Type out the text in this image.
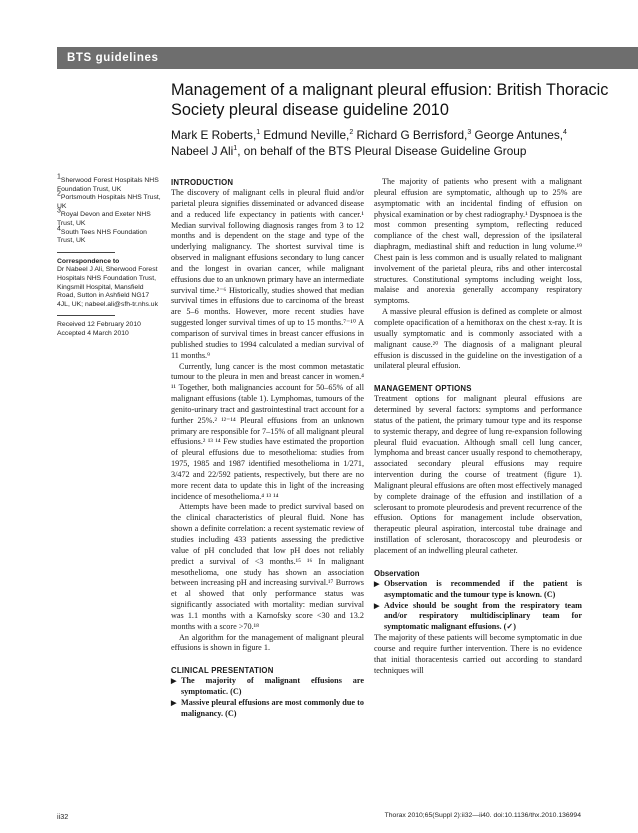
BTS guidelines
Management of a malignant pleural effusion: British Thoracic Society pleural disease guideline 2010
Mark E Roberts,$^1$ Edmund Neville,$^2$ Richard G Berrisford,$^3$ George Antunes,$^4$
Nabeel J Ali$^1$, on behalf of the BTS Pleural Disease Guideline Group

$^1$Sherwood Forest Hospitals NHS Foundation Trust, UK

$^2$Portsmouth Hospitals NHS Trust, UK

$^3$Royal Devon and Exeter NHS Trust, UK

$^4$South Tees NHS Foundation Trust, UK

Correspondence to

Dr Nabeel J Ali, Sherwood Forest Hospitals NHS Foundation Trust, Kingsmill Hospital, Mansfield Road, Sutton in Ashfield NG17 4JL, UK; nabeel.ali@sfh-tr.nhs.uk

Received 12 February 2010

Accepted 4 March 2010

INTRODUCTION

The discovery of malignant cells in pleural fluid and/or parietal pleura signifies disseminated or advanced disease and a reduced life expectancy in patients with cancer.¹ Median survival following diagnosis ranges from 3 to 12 months and is dependent on the stage and type of the underlying malignancy. The shortest survival time is observed in malignant effusions secondary to lung cancer and the longest in ovarian cancer, while malignant effusions due to an unknown primary have an intermediate survival time.²⁻⁶ Historically, studies showed that median survival times in effusions due to carcinoma of the breast are 5–6 months. However, more recent studies have suggested longer survival times of up to 15 months.⁷⁻¹⁰ A comparison of survival times in breast cancer effusions in published studies to 1994 calculated a median survival of 11 months.⁹

Currently, lung cancer is the most common metastatic tumour to the pleura in men and breast cancer in women.⁴ ¹¹ Together, both malignancies account for 50–65% of all malignant effusions (table 1). Lymphomas, tumours of the genito-urinary tract and gastrointestinal tract account for a further 25%.² ¹²⁻¹⁴ Pleural effusions from an unknown primary are responsible for 7–15% of all malignant pleural effusions.² ¹³ ¹⁴ Few studies have estimated the proportion of pleural effusions due to mesothelioma: studies from 1975, 1985 and 1987 identified mesothelioma in 1/271, 3/472 and 22/592 patients, respectively, but there are no more recent data to update this in light of the increasing incidence of mesothelioma.⁴ ¹³ ¹⁴

Attempts have been made to predict survival based on the clinical characteristics of pleural fluid. None has shown a definite correlation: a recent systematic review of studies including 433 patients assessing the predictive value of pH concluded that low pH does not reliably predict a survival of <3 months.¹⁵ ¹⁶ In malignant mesothelioma, one study has shown an association between increasing pH and increasing survival.¹⁷ Burrows et al showed that only performance status was significantly associated with mortality: median survival was 1.1 months with a Karnofsky score <30 and 13.2 months with a score >70.¹⁸

An algorithm for the management of malignant pleural effusions is shown in figure 1.

CLINICAL PRESENTATION

▶ The majority of malignant effusions are symptomatic. (C)

▶ Massive pleural effusions are most commonly due to malignancy. (C)

The majority of patients who present with a malignant pleural effusion are symptomatic, although up to 25% are asymptomatic with an incidental finding of effusion on physical examination or by chest radiography.¹ Dyspnoea is the most common presenting symptom, reflecting reduced compliance of the chest wall, depression of the ipsilateral diaphragm, mediastinal shift and reduction in lung volume.¹⁹ Chest pain is less common and is usually related to malignant involvement of the parietal pleura, ribs and other intercostal structures. Constitutional symptoms including weight loss, malaise and anorexia generally accompany respiratory symptoms.

A massive pleural effusion is defined as complete or almost complete opacification of a hemithorax on the chest x-ray. It is usually symptomatic and is commonly associated with a malignant cause.²⁰ The diagnosis of a malignant pleural effusion is discussed in the guideline on the investigation of a unilateral pleural effusion.

MANAGEMENT OPTIONS

Treatment options for malignant pleural effusions are determined by several factors: symptoms and performance status of the patient, the primary tumour type and its response to systemic therapy, and degree of lung re-expansion following pleural fluid evacuation. Although small cell lung cancer, lymphoma and breast cancer usually respond to chemotherapy, associated secondary pleural effusions may require intervention during the course of treatment (figure 1). Malignant pleural effusions are often most effectively managed by complete drainage of the effusion and instillation of a sclerosant to promote pleurodesis and prevent recurrence of the effusion. Options for management include observation, therapeutic pleural aspiration, intercostal tube drainage and instillation of sclerosant, thoracoscopy and pleurodesis or placement of an indwelling pleural catheter.

Observation

▶ Observation is recommended if the patient is asymptomatic and the tumour type is known. (C)

▶ Advice should be sought from the respiratory team and/or respiratory multidisciplinary team for symptomatic malignant effusions. (✓)

The majority of these patients will become symptomatic in due course and require further intervention. There is no evidence that initial thoracentesis carried out according to standard techniques will

ii32	Thorax 2010;65(Suppl 2):ii32—ii40. doi:10.1136/thx.2010.136994
